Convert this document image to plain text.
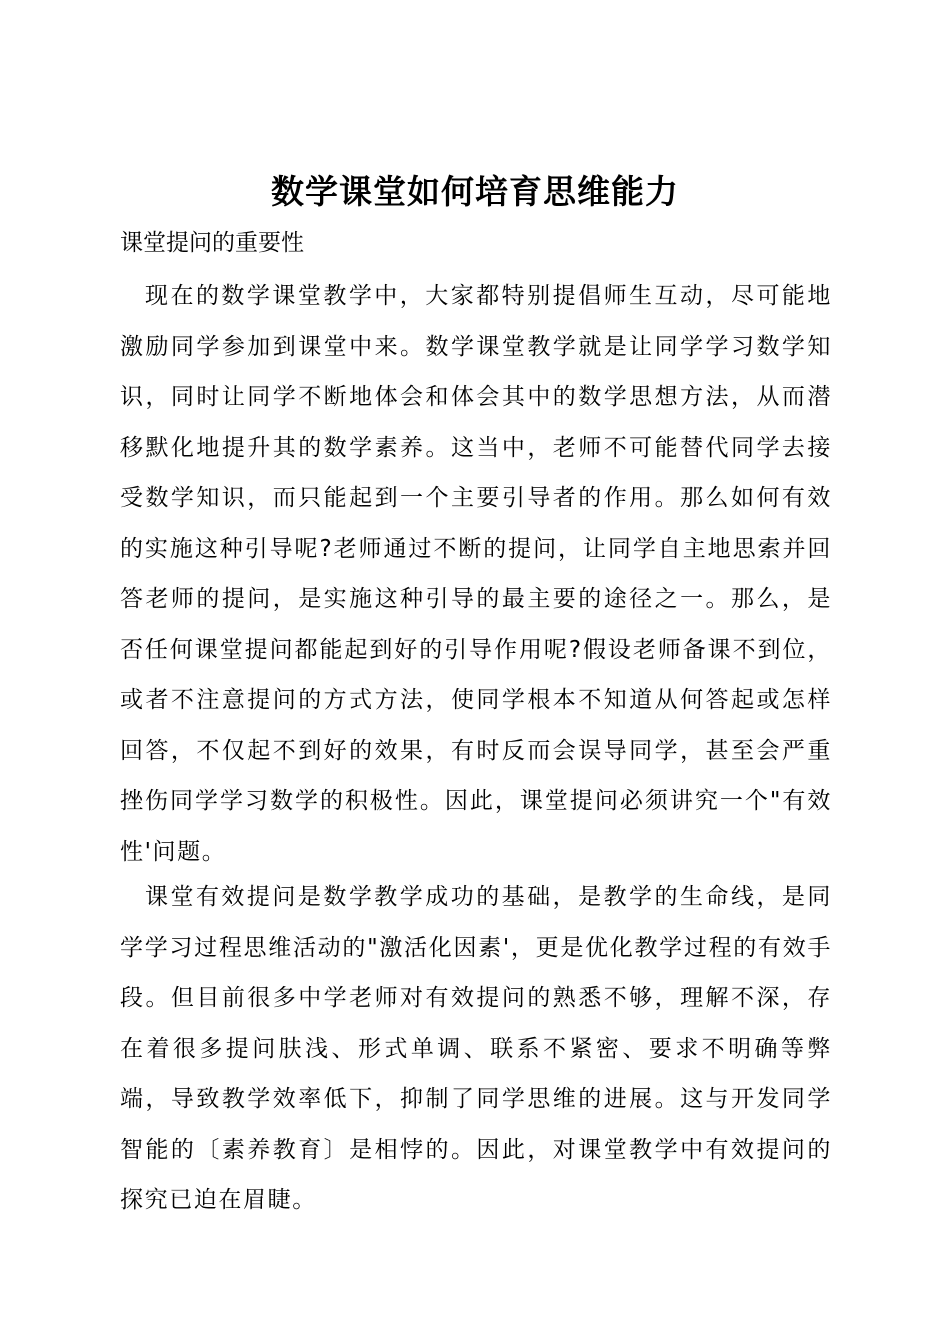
数学课堂如何培育思维能力
课堂提问的重要性

现在的数学课堂教学中，大家都特别提倡师生互动，尽可能地激励同学参加到课堂中来。数学课堂教学就是让同学学习数学知识，同时让同学不断地体会和体会其中的数学思想方法，从而潜移默化地提升其的数学素养。这当中，老师不可能替代同学去接受数学知识，而只能起到一个主要引导者的作用。那么如何有效的实施这种引导呢?老师通过不断的提问，让同学自主地思索并回答老师的提问，是实施这种引导的最主要的途径之一。那么，是否任何课堂提问都能起到好的引导作用呢?假设老师备课不到位，或者不注意提问的方式方法，使同学根本不知道从何答起或怎样回答，不仅起不到好的效果，有时反而会误导同学，甚至会严重挫伤同学学习数学的积极性。因此，课堂提问必须讲究一个"有效性'问题。

课堂有效提问是数学教学成功的基础，是教学的生命线，是同学学习过程思维活动的"激活化因素'，更是优化教学过程的有效手段。但目前很多中学老师对有效提问的熟悉不够，理解不深，存在着很多提问肤浅、形式单调、联系不紧密、要求不明确等弊端，导致教学效率低下，抑制了同学思维的进展。这与开发同学智能的〔素养教育〕是相悖的。因此，对课堂教学中有效提问的探究已迫在眉睫。
